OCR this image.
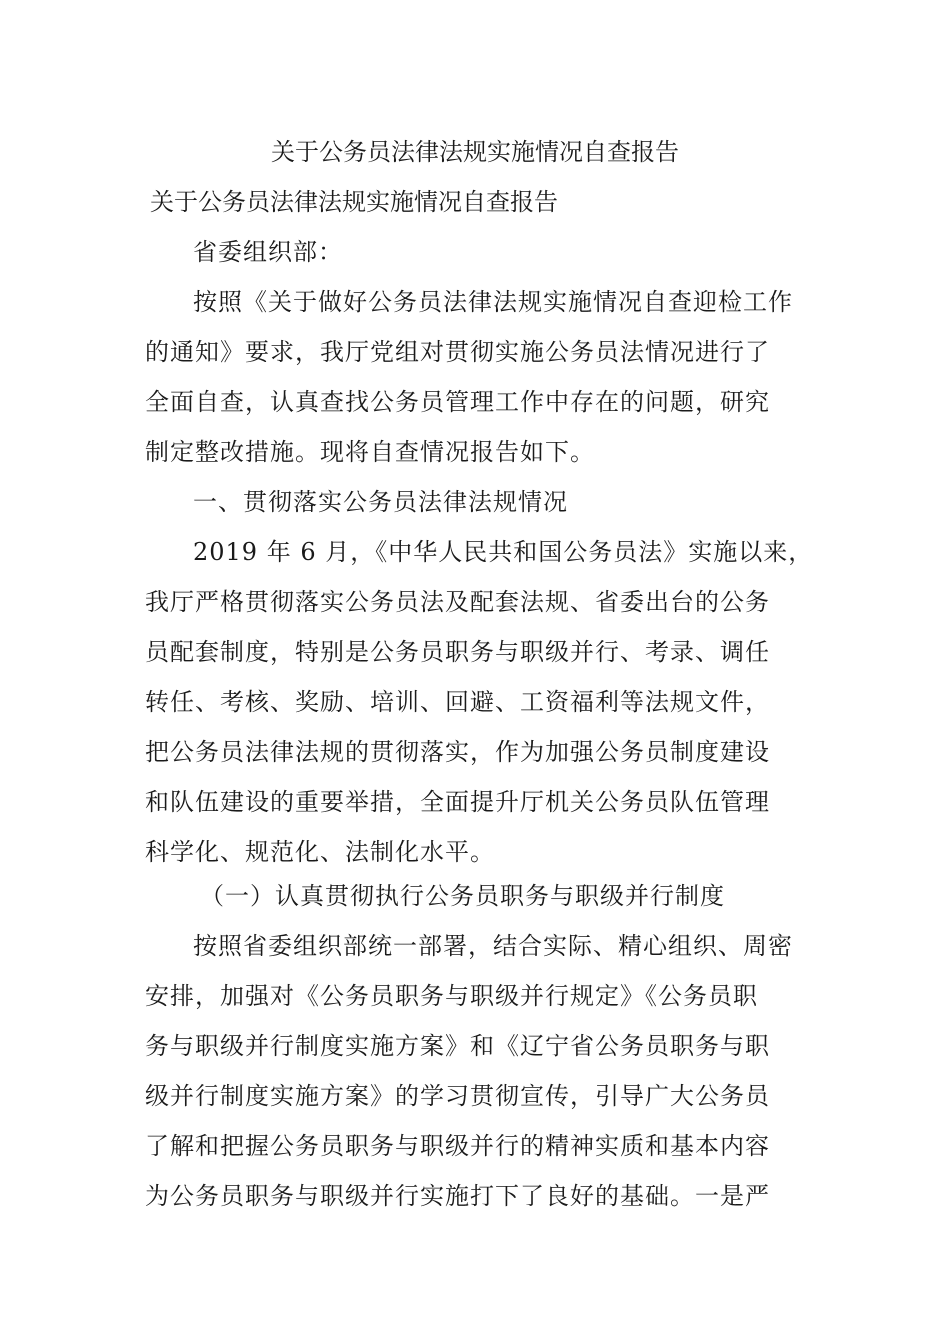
关于公务员法律法规实施情况自查报告
关于公务员法律法规实施情况自查报告
省委组织部：
按照《关于做好公务员法律法规实施情况自查迎检工作
的通知》要求，我厅党组对贯彻实施公务员法情况进行了
全面自查，认真查找公务员管理工作中存在的问题，研究
制定整改措施。现将自查情况报告如下。
一、贯彻落实公务员法律法规情况
2019 年 6 月，《中华人民共和国公务员法》实施以来，
我厅严格贯彻落实公务员法及配套法规、省委出台的公务
员配套制度，特别是公务员职务与职级并行、考录、调任
转任、考核、奖励、培训、回避、工资福利等法规文件，
把公务员法律法规的贯彻落实，作为加强公务员制度建设
和队伍建设的重要举措，全面提升厅机关公务员队伍管理
科学化、规范化、法制化水平。
（一）认真贯彻执行公务员职务与职级并行制度
按照省委组织部统一部署，结合实际、精心组织、周密
安排，加强对《公务员职务与职级并行规定》《公务员职
务与职级并行制度实施方案》和《辽宁省公务员职务与职
级并行制度实施方案》的学习贯彻宣传，引导广大公务员
了解和把握公务员职务与职级并行的精神实质和基本内容
为公务员职务与职级并行实施打下了良好的基础。一是严
